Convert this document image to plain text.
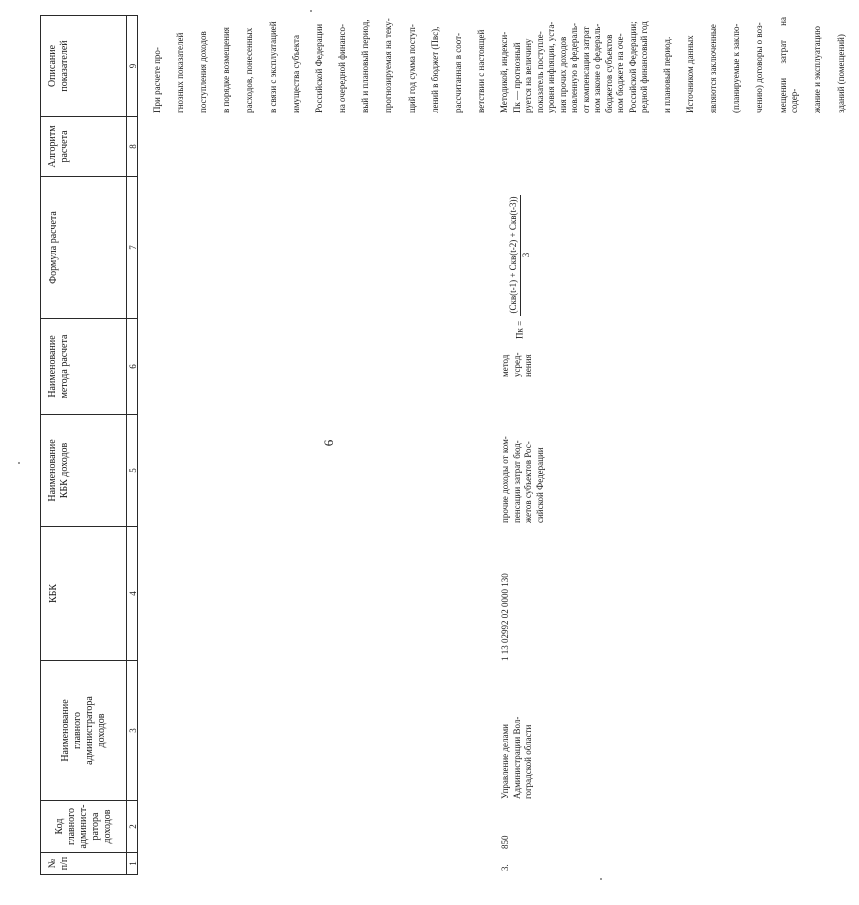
6
№
п/п
Код
главного
админист-
ратора
доходов
Наименование
главного
администратора
доходов
КБК
Наименование
КБК доходов
Наименование
метода расчета
Формула расчета
Алгоритм
расчета
Описание
показателей
1
2
3
4
5
6
7
8
9 При расчете про- гнозных показателей поступления доходов в порядке возмещения расходов, понесенных в связи с эксплуатацией имущества субъекта Российской Федерации на очередной финансо- вый и плановый период, прогнозируемая на теку- щий год сумма поступ- лений в бюджет (Пвс), рассчитанная в соот- ветствии с настоящей Методикой, индекси- руется на величину уровня инфляции, уста- новленную в федераль- ном законе о федераль- ном бюджете на оче- редной финансовый год и плановый период. Источником данных являются заключенные (планируемые к заклю- чению) договоры о воз- мещении затрат на содер- жание и эксплуатацию зданий (помещений)

3.
850
Управление делами
Администрации Вол-
гоградской области
1 13 02992 02 0000 130
прочие доходы от ком-
пенсации затрат бюд-
жетов субъектов Рос-
сийской Федерации
метод
усред-
нения
Пк = (Скв(t-1) + Скв(t-2) + Скв(t-3)) 3

Пк — прогнозный показатель поступле- ния прочих доходов от компенсации затрат бюджетов субъектов Российской Федерации;
